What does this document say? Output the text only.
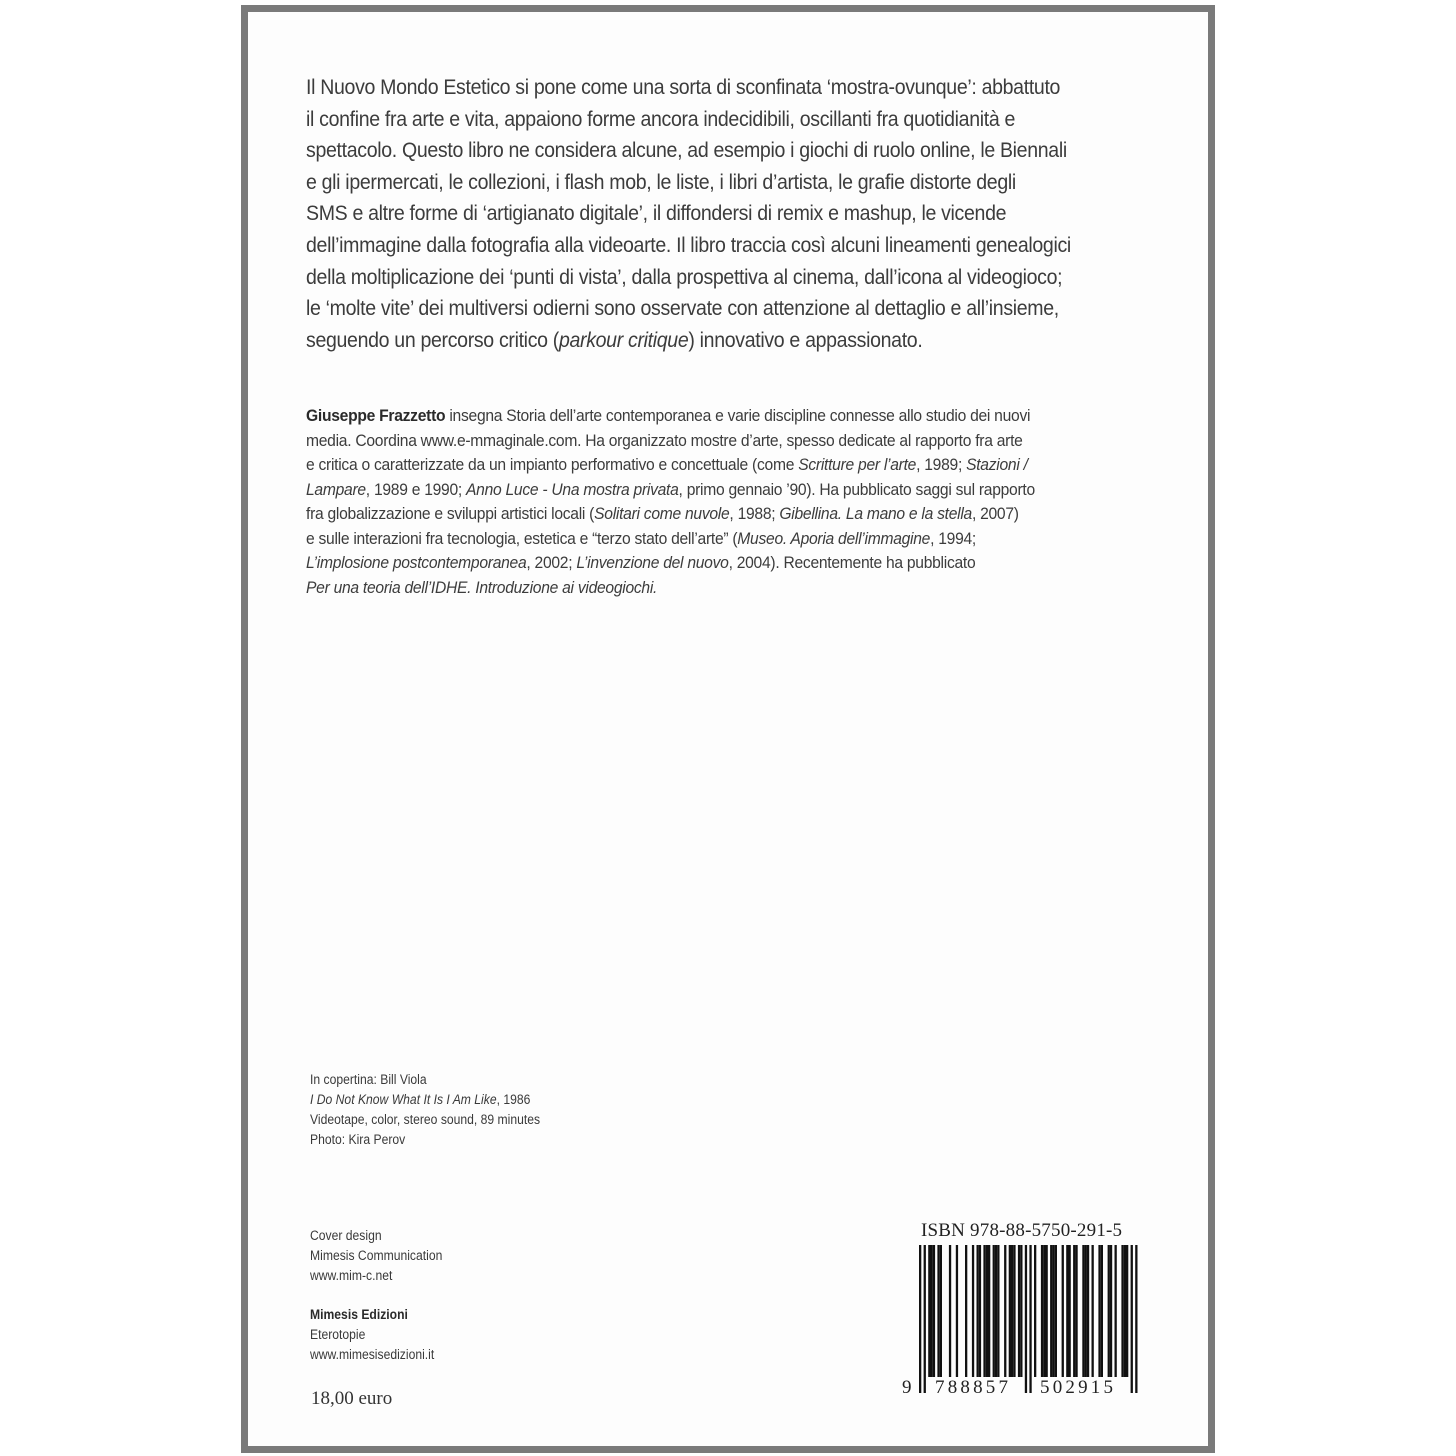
Il Nuovo Mondo Estetico si pone come una sorta di sconfinata ‘mostra-ovunque’: abbattuto
il confine fra arte e vita, appaiono forme ancora indecidibili, oscillanti fra quotidianità e
spettacolo. Questo libro ne considera alcune, ad esempio i giochi di ruolo online, le Biennali
e gli ipermercati, le collezioni, i flash mob, le liste, i libri d’artista, le grafie distorte degli
SMS e altre forme di ‘artigianato digitale’, il diffondersi di remix e mashup, le vicende
dell’immagine dalla fotografia alla videoarte. Il libro traccia così alcuni lineamenti genealogici
della moltiplicazione dei ‘punti di vista’, dalla prospettiva al cinema, dall’icona al videogioco;
le ‘molte vite’ dei multiversi odierni sono osservate con attenzione al dettaglio e all’insieme,
seguendo un percorso critico (parkour critique) innovativo e appassionato.
Giuseppe Frazzetto insegna Storia dell’arte contemporanea e varie discipline connesse allo studio dei nuovi
media. Coordina www.e-mmaginale.com. Ha organizzato mostre d’arte, spesso dedicate al rapporto fra arte
e critica o caratterizzate da un impianto performativo e concettuale (come Scritture per l’arte, 1989; Stazioni /
Lampare, 1989 e 1990; Anno Luce - Una mostra privata, primo gennaio ’90). Ha pubblicato saggi sul rapporto
fra globalizzazione e sviluppi artistici locali (Solitari come nuvole, 1988; Gibellina. La mano e la stella, 2007)
e sulle interazioni fra tecnologia, estetica e “terzo stato dell’arte” (Museo. Aporia dell’immagine, 1994;
L’implosione postcontemporanea, 2002; L’invenzione del nuovo, 2004). Recentemente ha pubblicato
Per una teoria dell’IDHE. Introduzione ai videogiochi.
In copertina: Bill Viola
I Do Not Know What It Is I Am Like, 1986
Videotape, color, stereo sound, 89 minutes
Photo: Kira Perov
Cover design
Mimesis Communication
www.mim-c.net
Mimesis Edizioni
Eterotopie
www.mimesisedizioni.it
18,00 euro
ISBN 978-88-5750-291-5
9 788857 502915
